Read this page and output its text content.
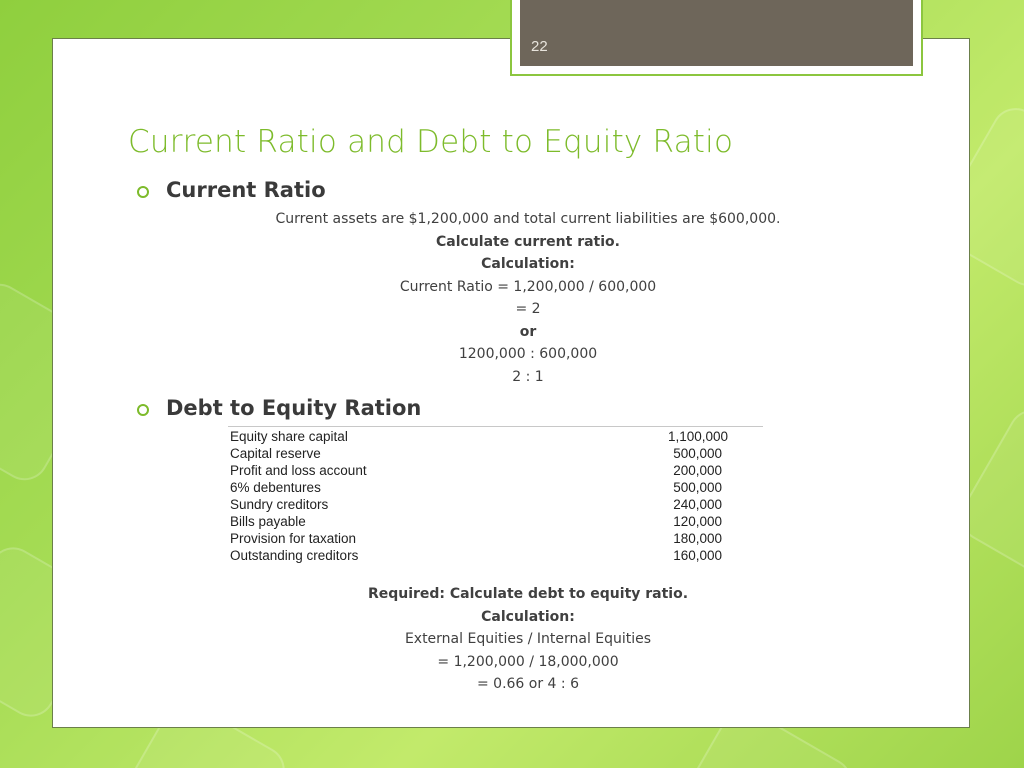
22
Current Ratio and Debt to Equity Ratio
Current Ratio
Current assets are $1,200,000 and total current liabilities are $600,000.
Calculate current ratio.
Calculation:
Current Ratio = 1,200,000 / 600,000
= 2
or
1200,000 : 600,000
2 : 1
Debt to Equity Ration
Equity share capital	1,100,000
Capital reserve	500,000
Profit and loss account	200,000
6% debentures	500,000
Sundry creditors	240,000
Bills payable	120,000
Provision for taxation	180,000
Outstanding creditors	160,000
Required: Calculate debt to equity ratio.
Calculation:
External Equities / Internal Equities
= 1,200,000 / 18,000,000
= 0.66 or 4 : 6
